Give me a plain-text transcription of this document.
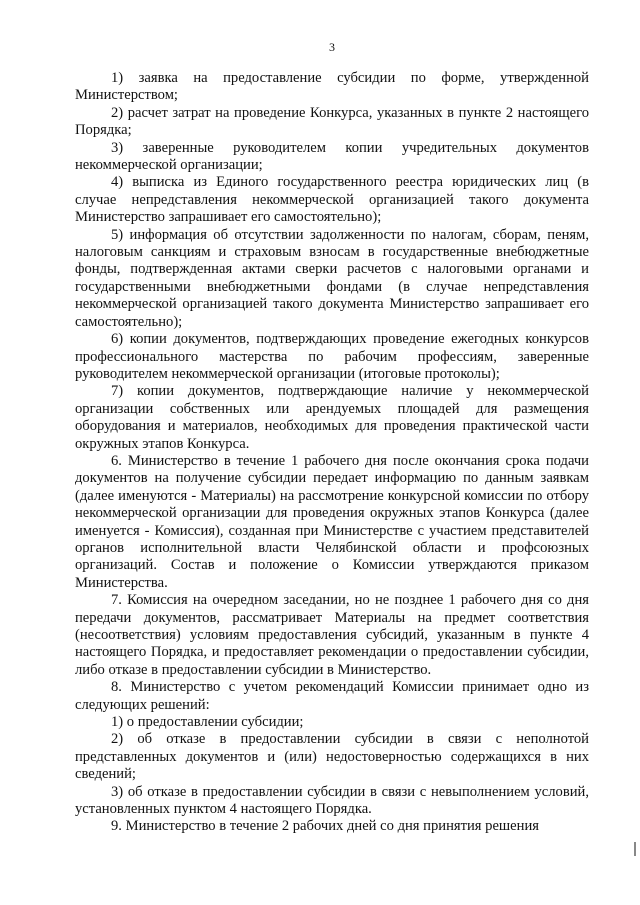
3

1) заявка на предоставление субсидии по форме, утвержденной Министерством;

2) расчет затрат на проведение Конкурса, указанных в пункте 2 настоящего Порядка;

3) заверенные руководителем копии учредительных документов некоммерческой организации;

4) выписка из Единого государственного реестра юридических лиц (в случае непредставления некоммерческой организацией такого документа Министерство запрашивает его самостоятельно);

5) информация об отсутствии задолженности по налогам, сборам, пеням, налоговым санкциям и страховым взносам в государственные внебюджетные фонды, подтвержденная актами сверки расчетов с налоговыми органами и государственными внебюджетными фондами (в случае непредставления некоммерческой организацией такого документа Министерство запрашивает его самостоятельно);

6) копии документов, подтверждающих проведение ежегодных конкурсов профессионального мастерства по рабочим профессиям, заверенные руководителем некоммерческой организации (итоговые протоколы);

7) копии документов, подтверждающие наличие у некоммерческой организации собственных или арендуемых площадей для размещения оборудования и материалов, необходимых для проведения практической части окружных этапов Конкурса.

6. Министерство в течение 1 рабочего дня после окончания срока подачи документов на получение субсидии передает информацию по данным заявкам (далее именуются - Материалы) на рассмотрение конкурсной комиссии по отбору некоммерческой организации для проведения окружных этапов Конкурса (далее именуется - Комиссия), созданная при Министерстве с участием представителей органов исполнительной власти Челябинской области и профсоюзных организаций. Состав и положение о Комиссии утверждаются приказом Министерства.

7. Комиссия на очередном заседании, но не позднее 1 рабочего дня со дня передачи документов, рассматривает Материалы на предмет соответствия (несоответствия) условиям предоставления субсидий, указанным в пункте 4 настоящего Порядка, и предоставляет рекомендации о предоставлении субсидии, либо отказе в предоставлении субсидии в Министерство.

8. Министерство с учетом рекомендаций Комиссии принимает одно из следующих решений:

1) о предоставлении субсидии;

2) об отказе в предоставлении субсидии в связи с неполнотой представленных документов и (или) недостоверностью содержащихся в них сведений;

3) об отказе в предоставлении субсидии в связи с невыполнением условий, установленных пунктом 4 настоящего Порядка.

9. Министерство в течение 2 рабочих дней со дня принятия решения
